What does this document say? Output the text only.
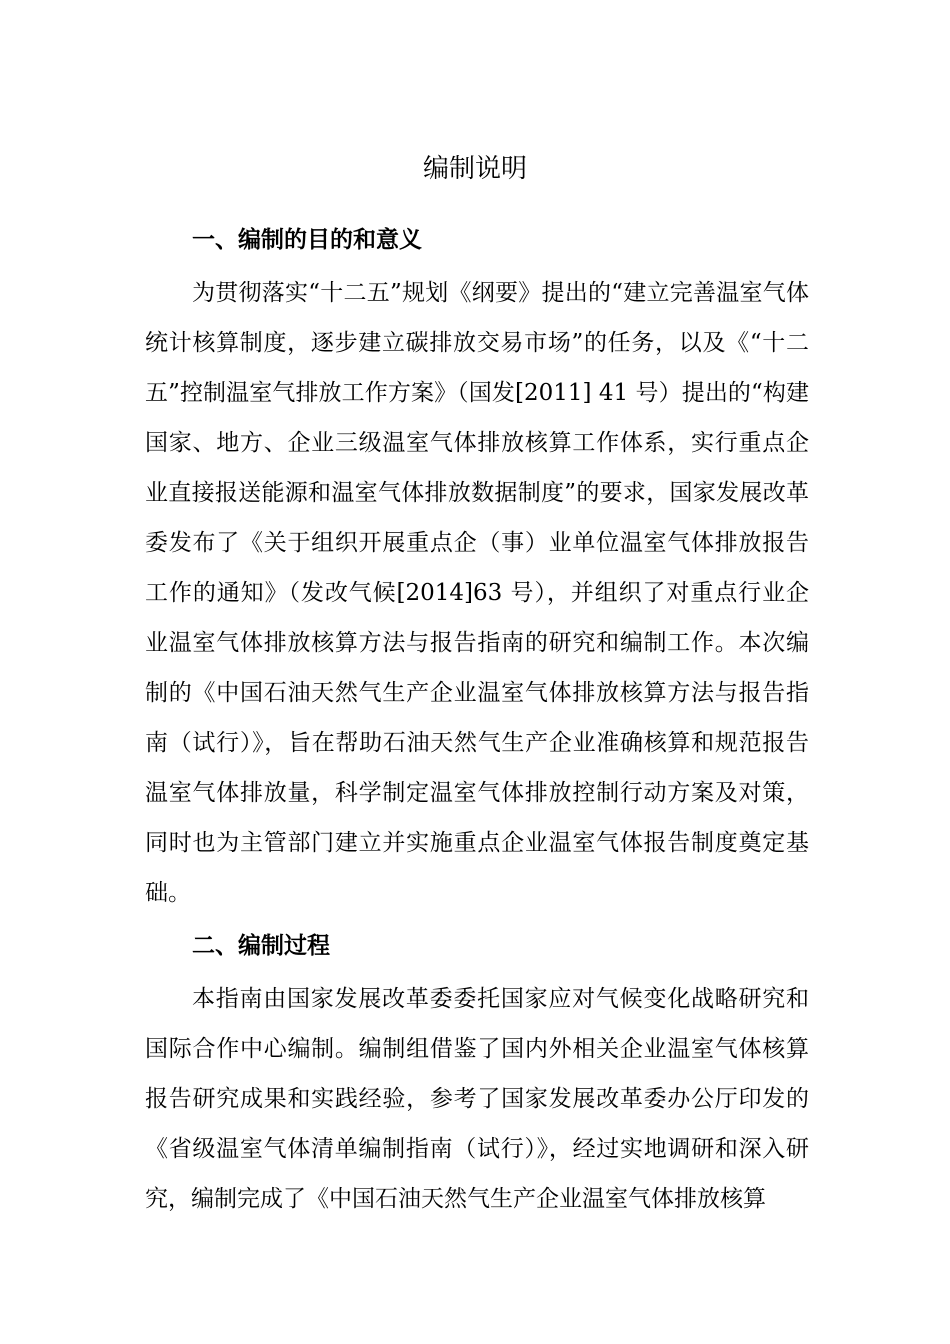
编制说明
一、编制的目的和意义

为贯彻落实“十二五”规划《纲要》提出的“建立完善温室气体统计核算制度，逐步建立碳排放交易市场”的任务，以及《“十二五”控制温室气排放工作方案》（国发[2011] 41 号）提出的“构建国家、地方、企业三级温室气体排放核算工作体系，实行重点企业直接报送能源和温室气体排放数据制度”的要求，国家发展改革委发布了《关于组织开展重点企（事）业单位温室气体排放报告工作的通知》（发改气候[2014]63 号），并组织了对重点行业企业温室气体排放核算方法与报告指南的研究和编制工作。本次编制的《中国石油天然气生产企业温室气体排放核算方法与报告指南（试行）》，旨在帮助石油天然气生产企业准确核算和规范报告温室气体排放量，科学制定温室气体排放控制行动方案及对策，同时也为主管部门建立并实施重点企业温室气体报告制度奠定基础。

二、编制过程

本指南由国家发展改革委委托国家应对气候变化战略研究和国际合作中心编制。编制组借鉴了国内外相关企业温室气体核算报告研究成果和实践经验，参考了国家发展改革委办公厅印发的《省级温室气体清单编制指南（试行）》，经过实地调研和深入研究，编制完成了《中国石油天然气生产企业温室气体排放核算
